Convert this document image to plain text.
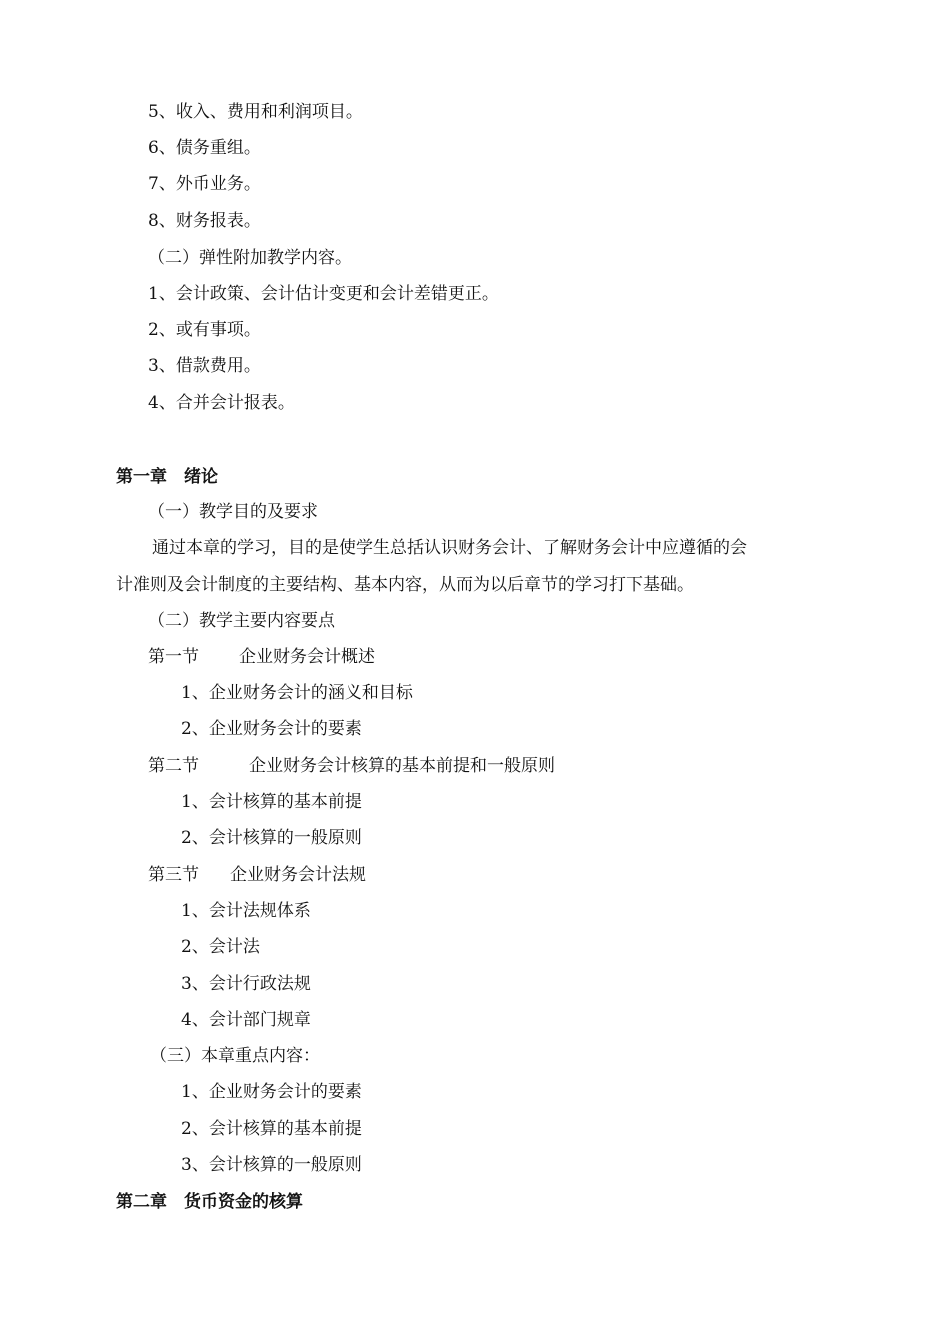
5、收入、费用和利润项目。
6、债务重组。
7、外币业务。
8、财务报表。
（二）弹性附加教学内容。
1、会计政策、会计估计变更和会计差错更正。
2、或有事项。
3、借款费用。
4、合并会计报表。
第一章　绪论
（一）教学目的及要求
通过本章的学习，目的是使学生总括认识财务会计、了解财务会计中应遵循的会
计准则及会计制度的主要结构、基本内容，从而为以后章节的学习打下基础。
（二）教学主要内容要点
第一节 企业财务会计概述
1、企业财务会计的涵义和目标
2、企业财务会计的要素
第二节	企业财务会计核算的基本前提和一般原则
1、会计核算的基本前提
2、会计核算的一般原则
第三节 企业财务会计法规
1、会计法规体系
2、会计法
3、会计行政法规
4、会计部门规章
（三）本章重点内容：
1、企业财务会计的要素
2、会计核算的基本前提
3、会计核算的一般原则
第二章　货币资金的核算
